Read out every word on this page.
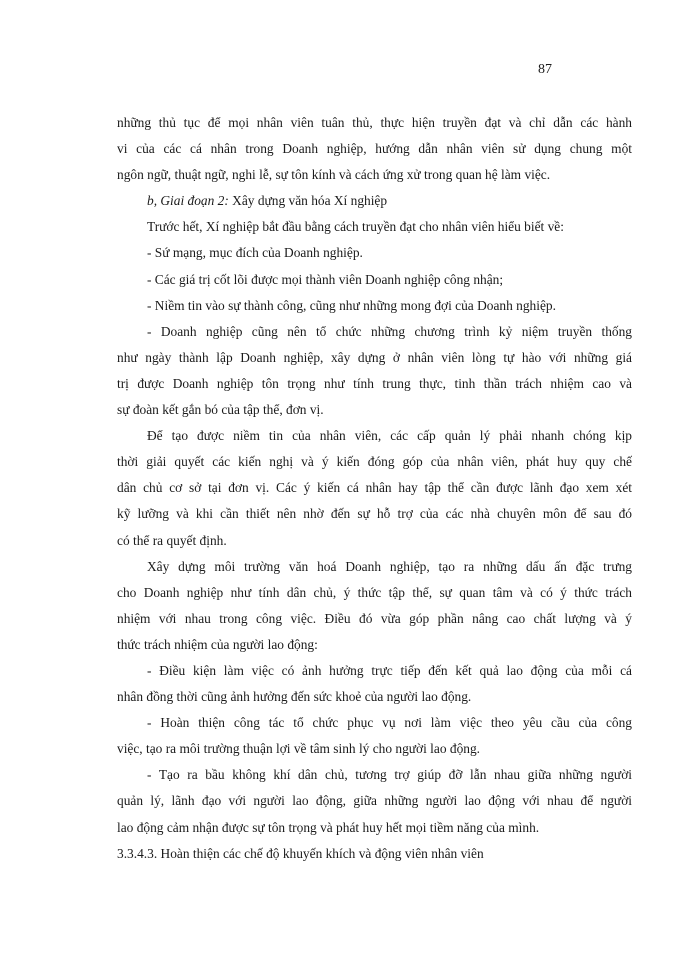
87
những thủ tục để mọi nhân viên tuân thủ, thực hiện truyền đạt và chỉ dẫn các hành
vi của các cá nhân trong Doanh nghiệp, hướng dẫn nhân viên sử dụng chung một
ngôn ngữ, thuật ngữ, nghi lễ, sự tôn kính và cách ứng xử trong quan hệ làm việc.
b, Giai đoạn 2: Xây dựng văn hóa Xí nghiệp
Trước hết, Xí nghiệp bắt đầu bằng cách truyền đạt cho nhân viên hiểu biết về:
- Sứ mạng, mục đích của Doanh nghiệp.
- Các giá trị cốt lõi được mọi thành viên Doanh nghiệp công nhận;
- Niềm tin vào sự thành công, cũng như những mong đợi của Doanh nghiệp.
- Doanh nghiệp cũng nên tổ chức những chương trình kỷ niệm truyền thống
như ngày thành lập Doanh nghiệp, xây dựng ở nhân viên lòng tự hào với những giá
trị được Doanh nghiệp tôn trọng như tính trung thực, tinh thần trách nhiệm cao và
sự đoàn kết gắn bó của tập thể, đơn vị.
Để tạo được niềm tin của nhân viên, các cấp quản lý phải nhanh chóng kịp
thời giải quyết các kiến nghị và ý kiến đóng góp của nhân viên, phát huy quy chế
dân chủ cơ sở tại đơn vị. Các ý kiến cá nhân hay tập thể cần được lãnh đạo xem xét
kỹ lưỡng và khi cần thiết nên nhờ đến sự hỗ trợ của các nhà chuyên môn để sau đó
có thể ra quyết định.
Xây dựng môi trường văn hoá Doanh nghiệp, tạo ra những dấu ấn đặc trưng
cho Doanh nghiệp như tính dân chủ, ý thức tập thể, sự quan tâm và có ý thức trách
nhiệm với nhau trong công việc. Điều đó vừa góp phần nâng cao chất lượng và ý
thức trách nhiệm của người lao động:
- Điều kiện làm việc có ảnh hưởng trực tiếp đến kết quả lao động của mỗi cá
nhân đồng thời cũng ảnh hưởng đến sức khoẻ của người lao động.
- Hoàn thiện công tác tổ chức phục vụ nơi làm việc theo yêu cầu của công
việc, tạo ra môi trường thuận lợi về tâm sinh lý cho người lao động.
- Tạo ra bầu không khí dân chủ, tương trợ giúp đỡ lẫn nhau giữa những người
quản lý, lãnh đạo với người lao động, giữa những người lao động với nhau để người
lao động cảm nhận được sự tôn trọng và phát huy hết mọi tiềm năng của mình.
3.3.4.3. Hoàn thiện các chế độ khuyến khích và động viên nhân viên
